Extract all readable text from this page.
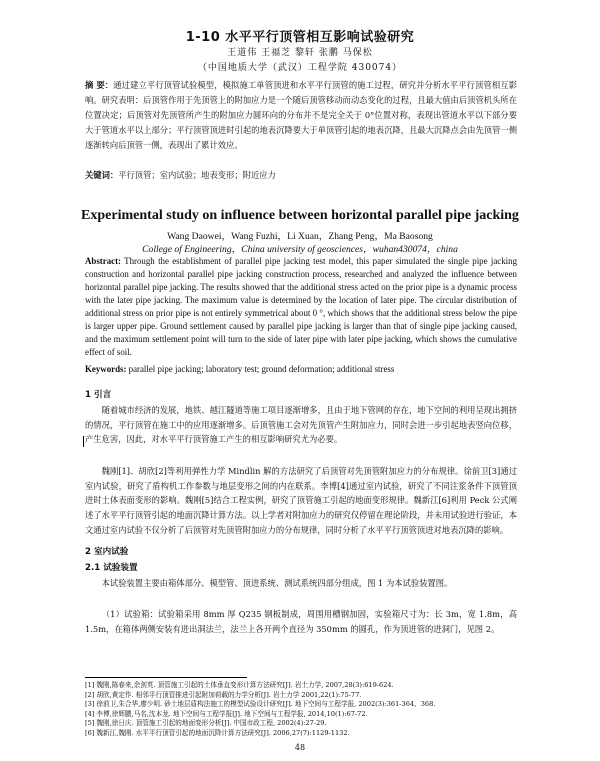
1-10 水平平行顶管相互影响试验研究
王道伟 王福芝 黎轩 张鹏 马保松
（中国地质大学（武汉）工程学院 430074）
摘 要：通过建立平行顶管试验模型，模拟施工单管顶进和水平平行顶管的施工过程，研究并分析水平平行顶管相互影响。研究表明：后顶管作用于先顶管上的附加应力是一个随后顶管移动而动态变化的过程，且最大值由后顶管机头所在位置决定；后顶管对先顶管所产生的附加应力圆环向的分布并不是完全关于 0°位置对称，表现出管道水平以下部分要大于管道水平以上部分；平行顶管顶进时引起的地表沉降要大于单顶管引起的地表沉降，且最大沉降点会由先顶管一侧逐渐转向后顶管一侧，表现出了累计效应。
关键词：平行顶管；室内试验；地表变形；附近应力
Experimental study on influence between horizontal parallel pipe jacking
Wang Daowei，Wang Fuzhi，Li Xuan，Zhang Peng，Ma Baosong
College of Engineering，China university of geosciences，wuhan430074，china
Abstract: Through the establishment of parallel pipe jacking test model, this paper simulated the single pipe jacking construction and horizontal parallel pipe jacking construction process, researched and analyzed the influence between horizontal parallel pipe jacking. The results showed that the additional stress acted on the prior pipe is a dynamic process with the later pipe jacking. The maximum value is determined by the location of later pipe. The circular distribution of additional stress on prior pipe is not entirely symmetrical about 0 °, which shows that the additional stress below the pipe is larger upper pipe. Ground settlement caused by parallel pipe jacking is larger than that of single pipe jacking caused, and the maximum settlement point will turn to the side of later pipe with later pipe jacking, which shows the cumulative effect of soil.
Keywords: parallel pipe jacking; laboratory test; ground deformation; additional stress
1 引言
随着城市经济的发展，地铁、越江隧道等施工项目逐渐增多，且由于地下管网的存在，地下空间的利用呈现出拥挤的情况，平行顶管在施工中的应用逐渐增多。后顶管施工会对先顶管产生附加应力，同时会进一步引起地表竖向位移，产生危害，因此，对水平平行顶管施工产生的相互影响研究尤为必要。
魏刚[1]、胡欣[2]等利用弹性力学 Mindlin 解的方法研究了后顶管对先顶管附加应力的分布规律。徐前卫[3]通过室内试验，研究了盾构机工作参数与地层变形之间的内在联系。李博[4]通过室内试验，研究了不同注浆条件下顶管顶进时土体表面变形的影响。魏刚[5]结合工程实例，研究了顶管施工引起的地面变形规律。魏新江[6]利用 Peck 公式阐述了水平平行顶管引起的地面沉降计算方法。以上学者对附加应力的研究仅停留在理论阶段，并未用试验进行验证，本文通过室内试验不仅分析了后顶管对先顶管附加应力的分布规律，同时分析了水平平行顶管顶进对地表沉降的影响。
2 室内试验
2.1 试验装置
本试验装置主要由箱体部分、模型管、顶进系统、测试系统四部分组成，图 1 为本试验装置图。
（1）试验箱：试验箱采用 8mm 厚 Q235 钢板制成，周围用槽钢加固，实验箱尺寸为：长 3m，宽 1.8m，高 1.5m，在箱体两侧安装有进出洞法兰，法兰上各开两个直径为 350mm 的圆孔，作为顶进管的进洞门，见图 2。
[1] 魏刚,陈春来,余剑英. 顶管施工引起的土体垂直变形计算方法研究[J]. 岩土力学, 2007,28(3):619-624.
[2] 胡欣,黄定作. 相邻平行顶管推进引起附加荷载的力学分析[J]. 岩土力学 2001,22(1):75-77.
[3] 徐前卫,朱合华,廖少明. 砂土地层盾构法施工的模型试验设计研究[J]. 地下空间与工程学报, 2002(3):361-364、368.
[4] 李博,徐辉鹏,马名,沈本龙. 地下空间与工程学报[J]. 地下空间与工程学报, 2014,10(1):67-72.
[5] 魏刚,徐日庆. 顶管施工引起的地面变形分析[J]. 中国市政工程, 2002(4):27-29.
[6] 魏新江,魏刚. 水平平行顶管引起的地面沉降计算方法研究[J]. 2006,27(7):1129-1132.
48
